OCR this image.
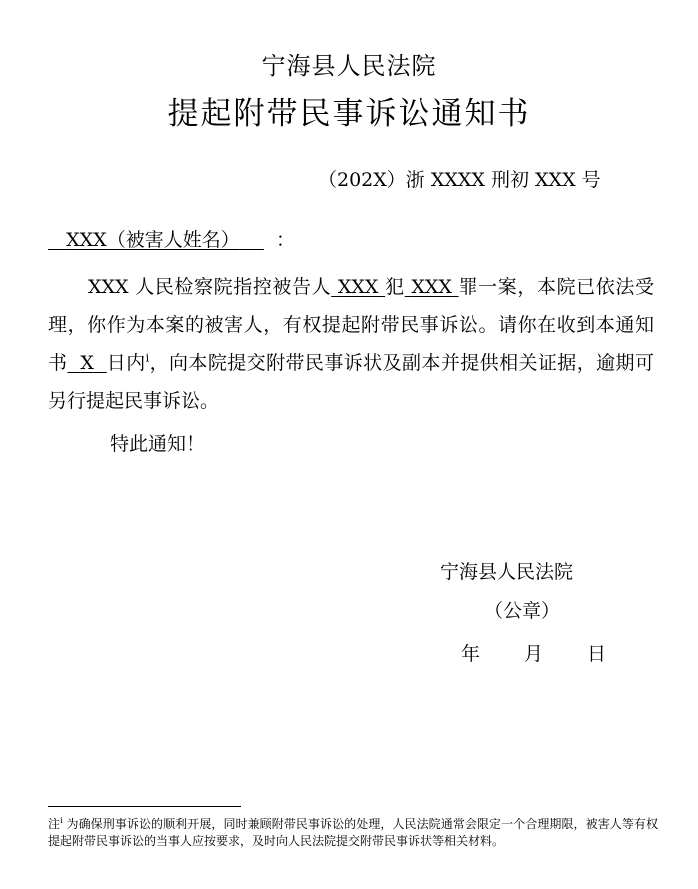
宁海县人民法院
提起附带民事诉讼通知书
（202X）浙 XXXX 刑初 XXX 号
XXX（被害人姓名） ：
XXX 人民检察院指控被告人 XXX 犯 XXX 罪一案，本院已依法受理，你作为本案的被害人，有权提起附带民事诉讼。请你在收到本通知书 X 日内$^i$，向本院提交附带民事诉状及副本并提供相关证据，逾期可另行提起民事诉讼。
特此通知！
宁海县人民法院
（公章）
年 月 日
注$^i$ 为确保刑事诉讼的顺利开展，同时兼顾附带民事诉讼的处理，人民法院通常会限定一个合理期限，被害人等有权提起附带民事诉讼的当事人应按要求，及时向人民法院提交附带民事诉状等相关材料。
